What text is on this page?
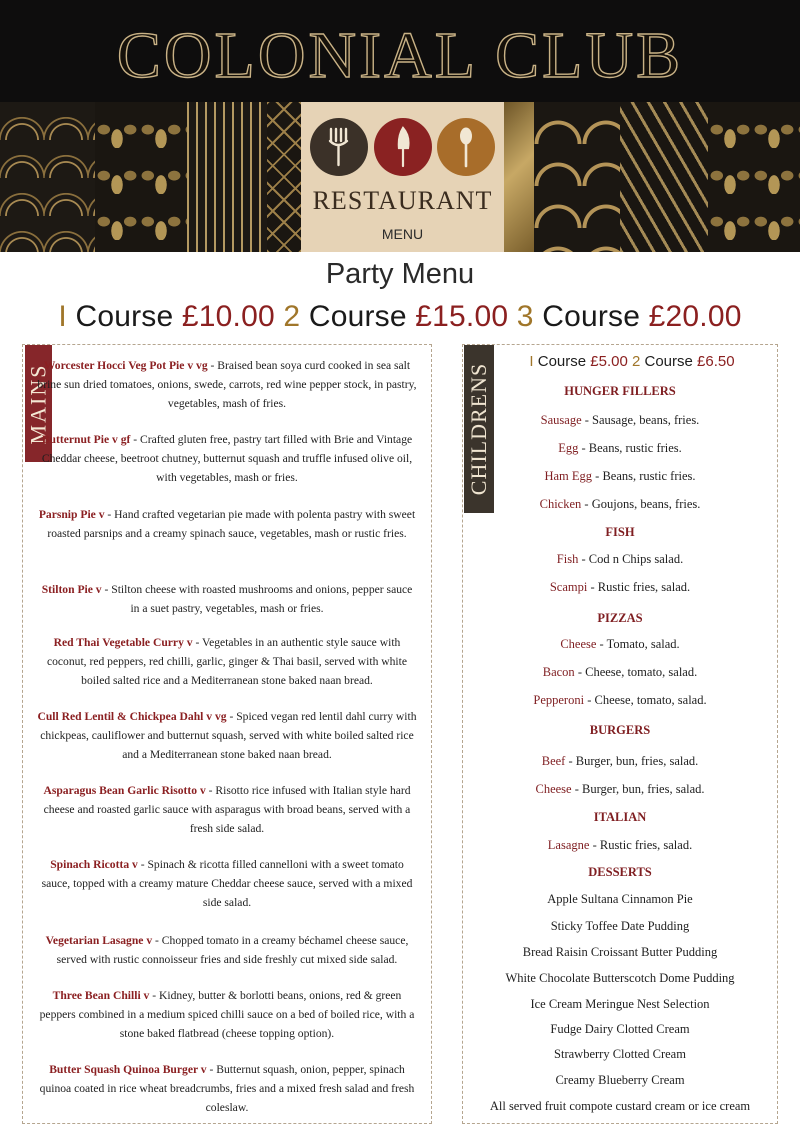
COLONIAL CLUB
RESTAURANT
MENU
Party Menu
I Course £10.00 2 Course £15.00 3 Course £20.00
MAINS
Worcester Hocci Veg Pot Pie v vg - Braised bean soya curd cooked in sea salt brine sun dried tomatoes, onions, swede, carrots, red wine pepper stock, in pastry, vegetables, mash of fries.
Butternut Pie v gf - Crafted gluten free, pastry tart filled with Brie and Vintage Cheddar cheese, beetroot chutney, butternut squash and truffle infused olive oil, with vegetables, mash or fries.
Parsnip Pie v - Hand crafted vegetarian pie made with polenta pastry with sweet roasted parsnips and a creamy spinach sauce, vegetables, mash or rustic fries.
Stilton Pie v - Stilton cheese with roasted mushrooms and onions, pepper sauce in a suet pastry, vegetables, mash or fries.
Red Thai Vegetable Curry v - Vegetables in an authentic style sauce with coconut, red peppers, red chilli, garlic, ginger & Thai basil, served with white boiled salted rice and a Mediterranean stone baked naan bread.
Cull Red Lentil & Chickpea Dahl v vg - Spiced vegan red lentil dahl curry with chickpeas, cauliflower and butternut squash, served with white boiled salted rice and a Mediterranean stone baked naan bread.
Asparagus Bean Garlic Risotto v - Risotto rice infused with Italian style hard cheese and roasted garlic sauce with asparagus with broad beans, served with a fresh side salad.
Spinach Ricotta v - Spinach & ricotta filled cannelloni with a sweet tomato sauce, topped with a creamy mature Cheddar cheese sauce, served with a mixed side salad.
Vegetarian Lasagne v - Chopped tomato in a creamy béchamel cheese sauce, served with rustic connoisseur fries and side freshly cut mixed side salad.
Three Bean Chilli v - Kidney, butter & borlotti beans, onions, red & green peppers combined in a medium spiced chilli sauce on a bed of boiled rice, with a stone baked flatbread (cheese topping option).
Butter Squash Quinoa Burger v - Butternut squash, onion, pepper, spinach quinoa coated in rice wheat breadcrumbs, fries and a mixed fresh salad and fresh coleslaw.
CHILDRENS
I Course £5.00 2 Course £6.50
HUNGER FILLERS
Sausage - Sausage, beans, fries.
Egg - Beans, rustic fries.
Ham Egg - Beans, rustic fries.
Chicken - Goujons, beans, fries.
FISH
Fish - Cod n Chips salad.
Scampi - Rustic fries, salad.
PIZZAS
Cheese - Tomato, salad.
Bacon - Cheese, tomato, salad.
Pepperoni - Cheese, tomato, salad.
BURGERS
Beef - Burger, bun, fries, salad.
Cheese - Burger, bun, fries, salad.
ITALIAN
Lasagne - Rustic fries, salad.
DESSERTS
Apple Sultana Cinnamon Pie
Sticky Toffee Date Pudding
Bread Raisin Croissant Butter Pudding
White Chocolate Butterscotch Dome Pudding
Ice Cream Meringue Nest Selection
Fudge Dairy Clotted Cream
Strawberry Clotted Cream
Creamy Blueberry Cream
All served fruit compote custard cream or ice cream
